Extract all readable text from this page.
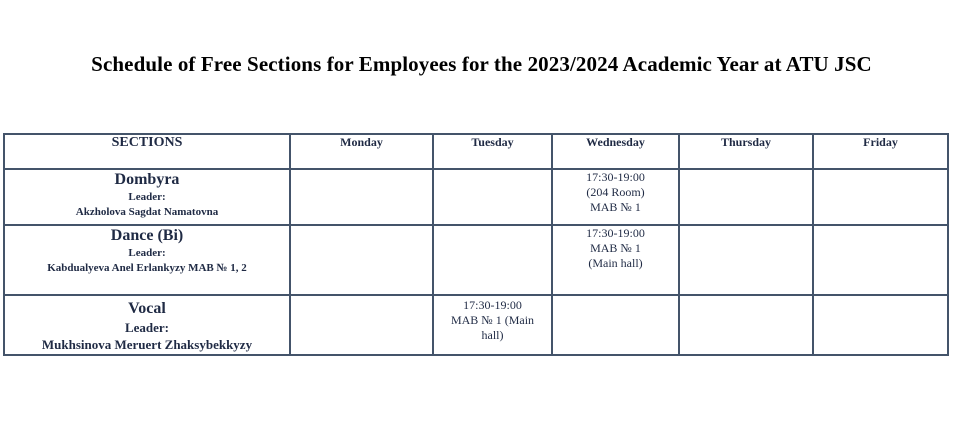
Schedule of Free Sections for Employees for the 2023/2024 Academic Year at ATU JSC
SECTIONS	Monday	Tuesday	Wednesday	Thursday	Friday

Dombyra
Leader:
Akzholova Sagdat Namatovna			17:30-19:00
(204 Room)
MAB № 1		

Dance (Bi)
Leader:
Kabdualyeva Anel Erlankyzy MAB № 1, 2			17:30-19:00
MAB № 1
(Main hall)		

Vocal
Leader:
Mukhsinova Meruert Zhaksybekkyzy		17:30-19:00
MAB № 1 (Main
hall)			
